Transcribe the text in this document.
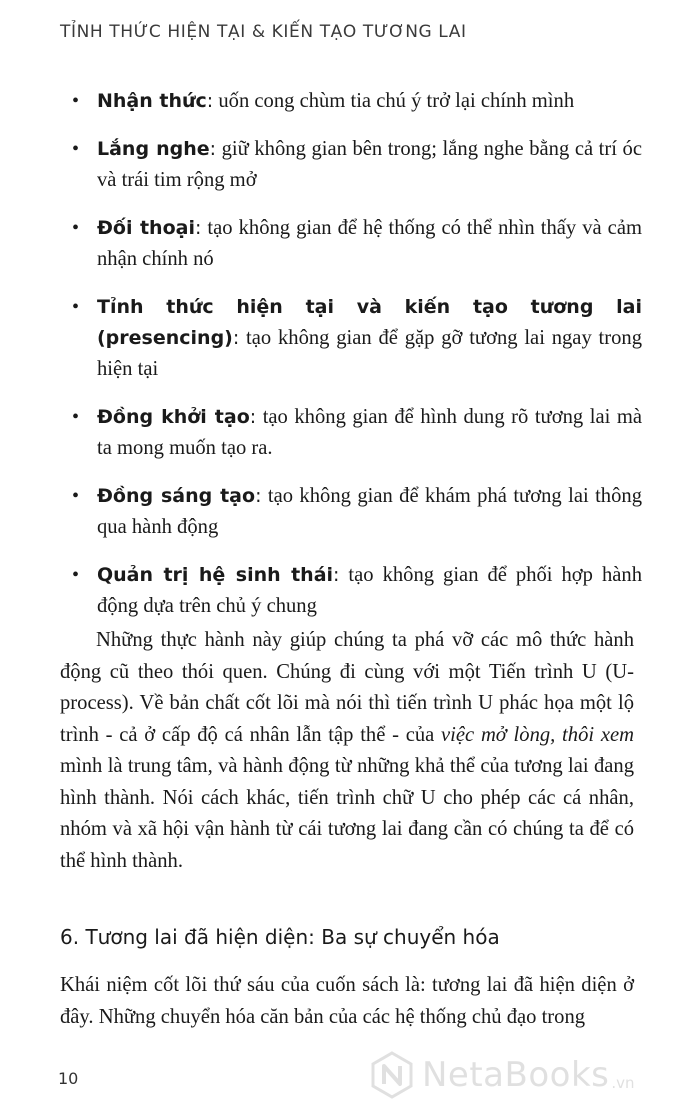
TỈNH THỨC HIỆN TẠI & KIẾN TẠO TƯƠNG LAI
• Nhận thức: uốn cong chùm tia chú ý trở lại chính mình
• Lắng nghe: giữ không gian bên trong; lắng nghe bằng cả trí óc và trái tim rộng mở
• Đối thoại: tạo không gian để hệ thống có thể nhìn thấy và cảm nhận chính nó
• Tỉnh thức hiện tại và kiến tạo tương lai (presencing): tạo không gian để gặp gỡ tương lai ngay trong hiện tại
• Đồng khởi tạo: tạo không gian để hình dung rõ tương lai mà ta mong muốn tạo ra.
• Đồng sáng tạo: tạo không gian để khám phá tương lai thông qua hành động
• Quản trị hệ sinh thái: tạo không gian để phối hợp hành động dựa trên chủ ý chung

Những thực hành này giúp chúng ta phá vỡ các mô thức hành động cũ theo thói quen. Chúng đi cùng với một Tiến trình U (U-process). Về bản chất cốt lõi mà nói thì tiến trình U phác họa một lộ trình - cả ở cấp độ cá nhân lẫn tập thể - của việc mở lòng, thôi xem mình là trung tâm, và hành động từ những khả thể của tương lai đang hình thành. Nói cách khác, tiến trình chữ U cho phép các cá nhân, nhóm và xã hội vận hành từ cái tương lai đang cần có chúng ta để có thể hình thành.

6. Tương lai đã hiện diện: Ba sự chuyển hóa

Khái niệm cốt lõi thứ sáu của cuốn sách là: tương lai đã hiện diện ở đây. Những chuyển hóa căn bản của các hệ thống chủ đạo trong

10	NetaBooks .vn
